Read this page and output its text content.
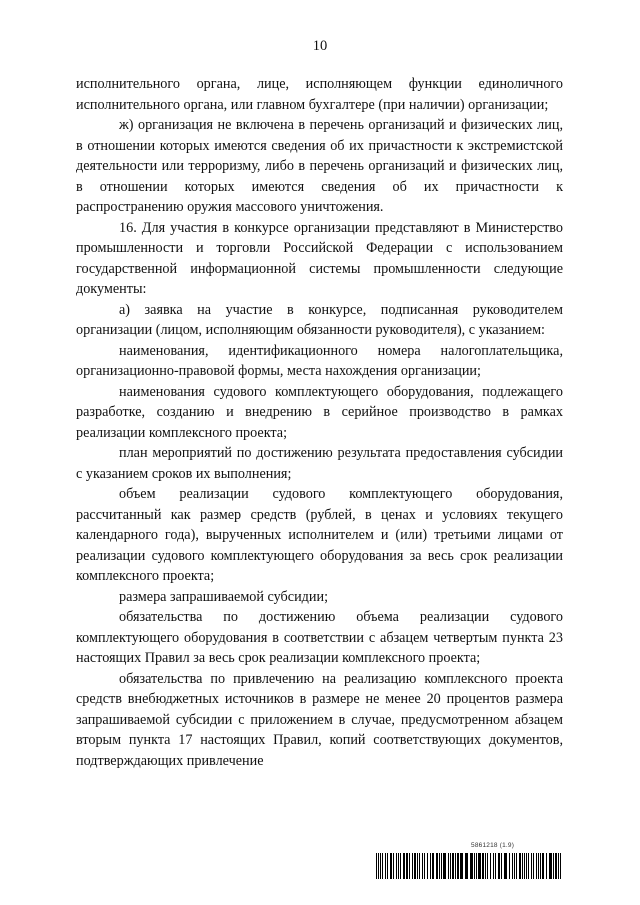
10

исполнительного органа, лице, исполняющем функции единоличного исполнительного органа, или главном бухгалтере (при наличии) организации;

ж) организация не включена в перечень организаций и физических лиц, в отношении которых имеются сведения об их причастности к экстремистской деятельности или терроризму, либо в перечень организаций и физических лиц, в отношении которых имеются сведения об их причастности к распространению оружия массового уничтожения.

16. Для участия в конкурсе организации представляют в Министерство промышленности и торговли Российской Федерации с использованием государственной информационной системы промышленности следующие документы:

а) заявка на участие в конкурсе, подписанная руководителем организации (лицом, исполняющим обязанности руководителя), с указанием:

наименования, идентификационного номера налогоплательщика, организационно-правовой формы, места нахождения организации;

наименования судового комплектующего оборудования, подлежащего разработке, созданию и внедрению в серийное производство в рамках реализации комплексного проекта;

план мероприятий по достижению результата предоставления субсидии с указанием сроков их выполнения;

объем реализации судового комплектующего оборудования, рассчитанный как размер средств (рублей, в ценах и условиях текущего календарного года), вырученных исполнителем и (или) третьими лицами от реализации судового комплектующего оборудования за весь срок реализации комплексного проекта;

размера запрашиваемой субсидии;

обязательства по достижению объема реализации судового комплектующего оборудования в соответствии с абзацем четвертым пункта 23 настоящих Правил за весь срок реализации комплексного проекта;

обязательства по привлечению на реализацию комплексного проекта средств внебюджетных источников в размере не менее 20 процентов размера запрашиваемой субсидии с приложением в случае, предусмотренном абзацем вторым пункта 17 настоящих Правил, копий соответствующих документов, подтверждающих привлечение

5861218 (1.9)
